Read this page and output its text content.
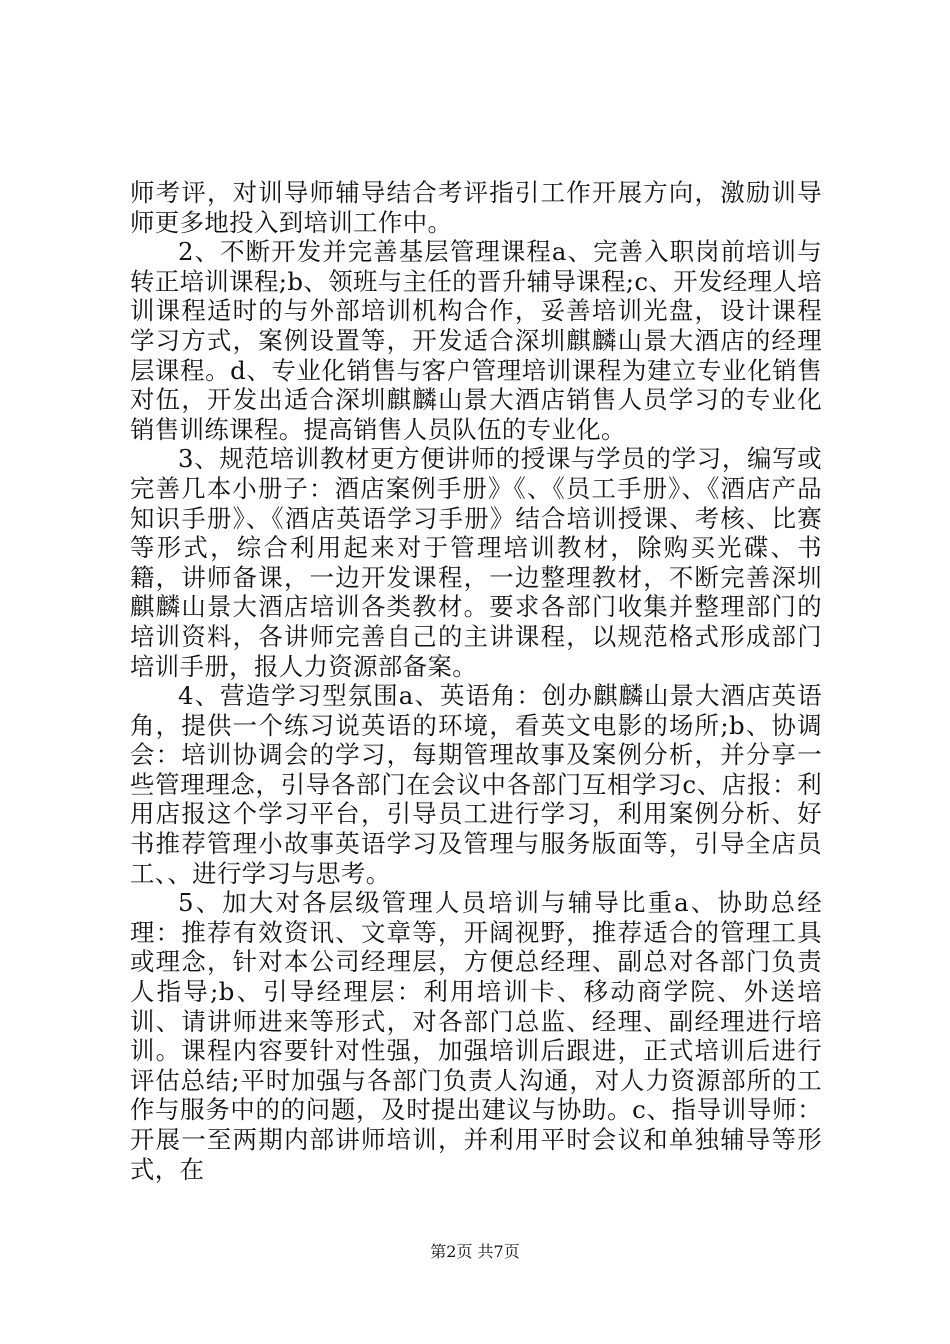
师考评，对训导师辅导结合考评指引工作开展方向，激励训导师更多地投入到培训工作中。

2、不断开发并完善基层管理课程a、完善入职岗前培训与转正培训课程;b、领班与主任的晋升辅导课程;c、开发经理人培训课程适时的与外部培训机构合作，妥善培训光盘，设计课程学习方式，案例设置等，开发适合深圳麒麟山景大酒店的经理层课程。d、专业化销售与客户管理培训课程为建立专业化销售对伍，开发出适合深圳麒麟山景大酒店销售人员学习的专业化销售训练课程。提高销售人员队伍的专业化。

3、规范培训教材更方便讲师的授课与学员的学习，编写或完善几本小册子：酒店案例手册》《、《员工手册》、《酒店产品知识手册》、《酒店英语学习手册》结合培训授课、考核、比赛等形式，综合利用起来对于管理培训教材，除购买光碟、书籍，讲师备课，一边开发课程，一边整理教材，不断完善深圳麒麟山景大酒店培训各类教材。要求各部门收集并整理部门的培训资料，各讲师完善自己的主讲课程，以规范格式形成部门培训手册，报人力资源部备案。

4、营造学习型氛围a、英语角：创办麒麟山景大酒店英语角，提供一个练习说英语的环境，看英文电影的场所;b、协调会：培训协调会的学习，每期管理故事及案例分析，并分享一些管理理念，引导各部门在会议中各部门互相学习c、店报：利用店报这个学习平台，引导员工进行学习，利用案例分析、好书推荐管理小故事英语学习及管理与服务版面等，引导全店员工、、进行学习与思考。

5、加大对各层级管理人员培训与辅导比重a、协助总经理：推荐有效资讯、文章等，开阔视野，推荐适合的管理工具或理念，针对本公司经理层，方便总经理、副总对各部门负责人指导;b、引导经理层：利用培训卡、移动商学院、外送培训、请讲师进来等形式，对各部门总监、经理、副经理进行培训。课程内容要针对性强，加强培训后跟进，正式培训后进行评估总结;平时加强与各部门负责人沟通，对人力资源部所的工作与服务中的的问题，及时提出建议与协助。c、指导训导师：开展一至两期内部讲师培训，并利用平时会议和单独辅导等形式，在

第2页 共7页
